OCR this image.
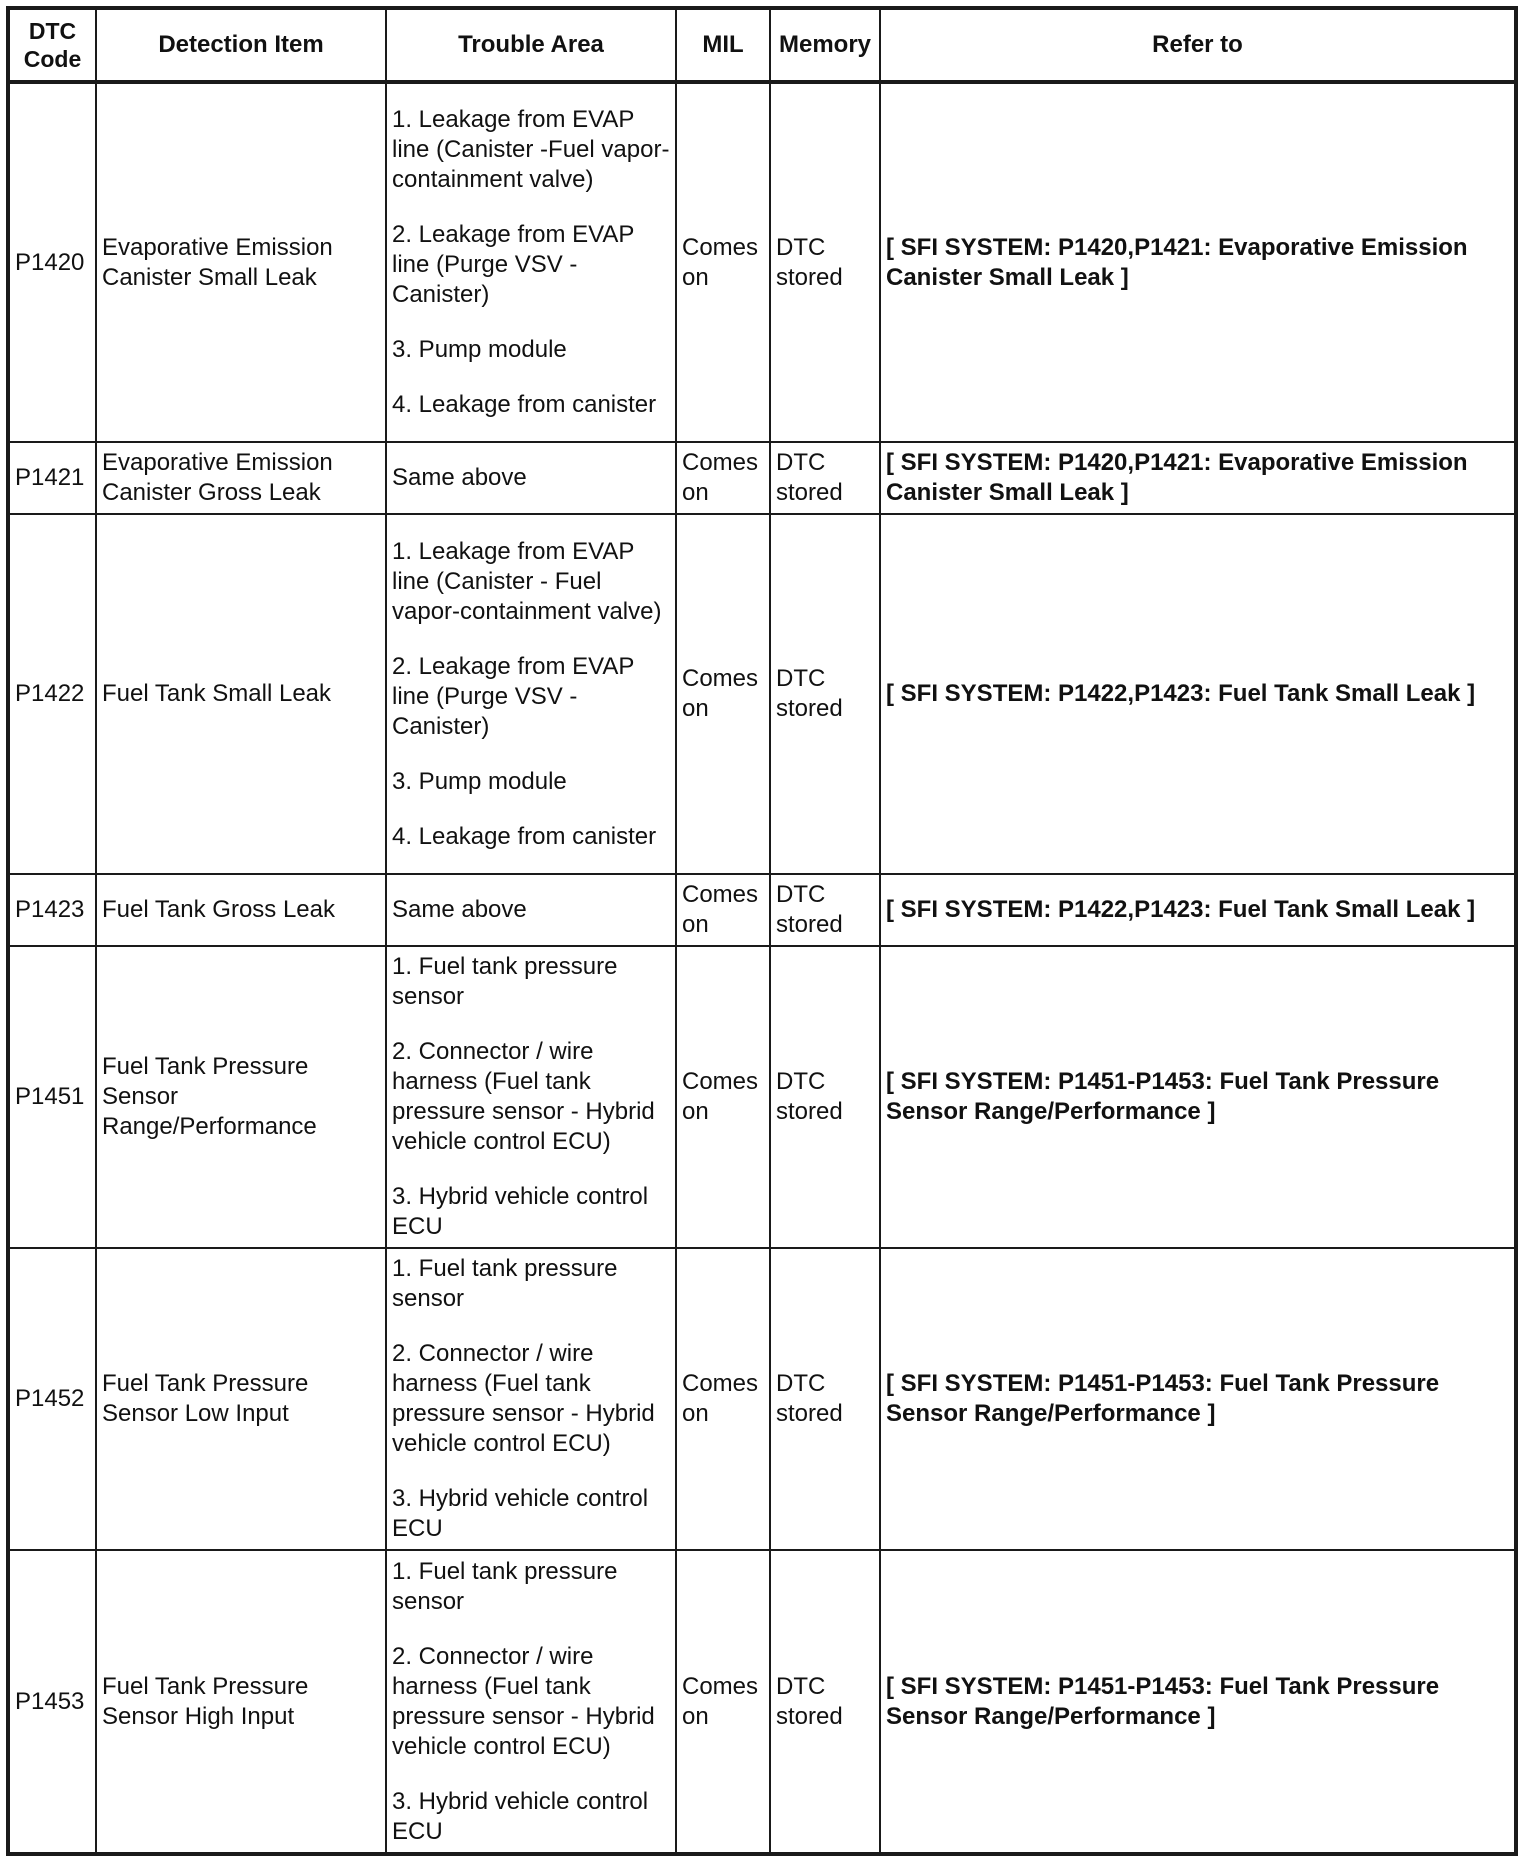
DTC Code	Detection Item	Trouble Area	MIL	Memory	Refer to
P1420	Evaporative Emission Canister Small Leak	1. Leakage from EVAP line (Canister -Fuel vapor-containment valve)

2. Leakage from EVAP line (Purge VSV - Canister)

3. Pump module

4. Leakage from canister	Comes on	DTC stored	[ SFI SYSTEM: P1420,P1421: Evaporative Emission Canister Small Leak ]
P1421	Evaporative Emission Canister Gross Leak	Same above	Comes on	DTC stored	[ SFI SYSTEM: P1420,P1421: Evaporative Emission Canister Small Leak ]
P1422	Fuel Tank Small Leak	1. Leakage from EVAP line (Canister - Fuel vapor-containment valve)

2. Leakage from EVAP line (Purge VSV - Canister)

3. Pump module

4. Leakage from canister	Comes on	DTC stored	[ SFI SYSTEM: P1422,P1423: Fuel Tank Small Leak ]
P1423	Fuel Tank Gross Leak	Same above	Comes on	DTC stored	[ SFI SYSTEM: P1422,P1423: Fuel Tank Small Leak ]
P1451	Fuel Tank Pressure Sensor Range/Performance	1. Fuel tank pressure sensor

2. Connector / wire harness (Fuel tank pressure sensor - Hybrid vehicle control ECU)

3. Hybrid vehicle control ECU	Comes on	DTC stored	[ SFI SYSTEM: P1451-P1453: Fuel Tank Pressure Sensor Range/Performance ]
P1452	Fuel Tank Pressure Sensor Low Input	1. Fuel tank pressure sensor

2. Connector / wire harness (Fuel tank pressure sensor - Hybrid vehicle control ECU)

3. Hybrid vehicle control ECU	Comes on	DTC stored	[ SFI SYSTEM: P1451-P1453: Fuel Tank Pressure Sensor Range/Performance ]
P1453	Fuel Tank Pressure Sensor High Input	1. Fuel tank pressure sensor

2. Connector / wire harness (Fuel tank pressure sensor - Hybrid vehicle control ECU)

3. Hybrid vehicle control ECU	Comes on	DTC stored	[ SFI SYSTEM: P1451-P1453: Fuel Tank Pressure Sensor Range/Performance ]
